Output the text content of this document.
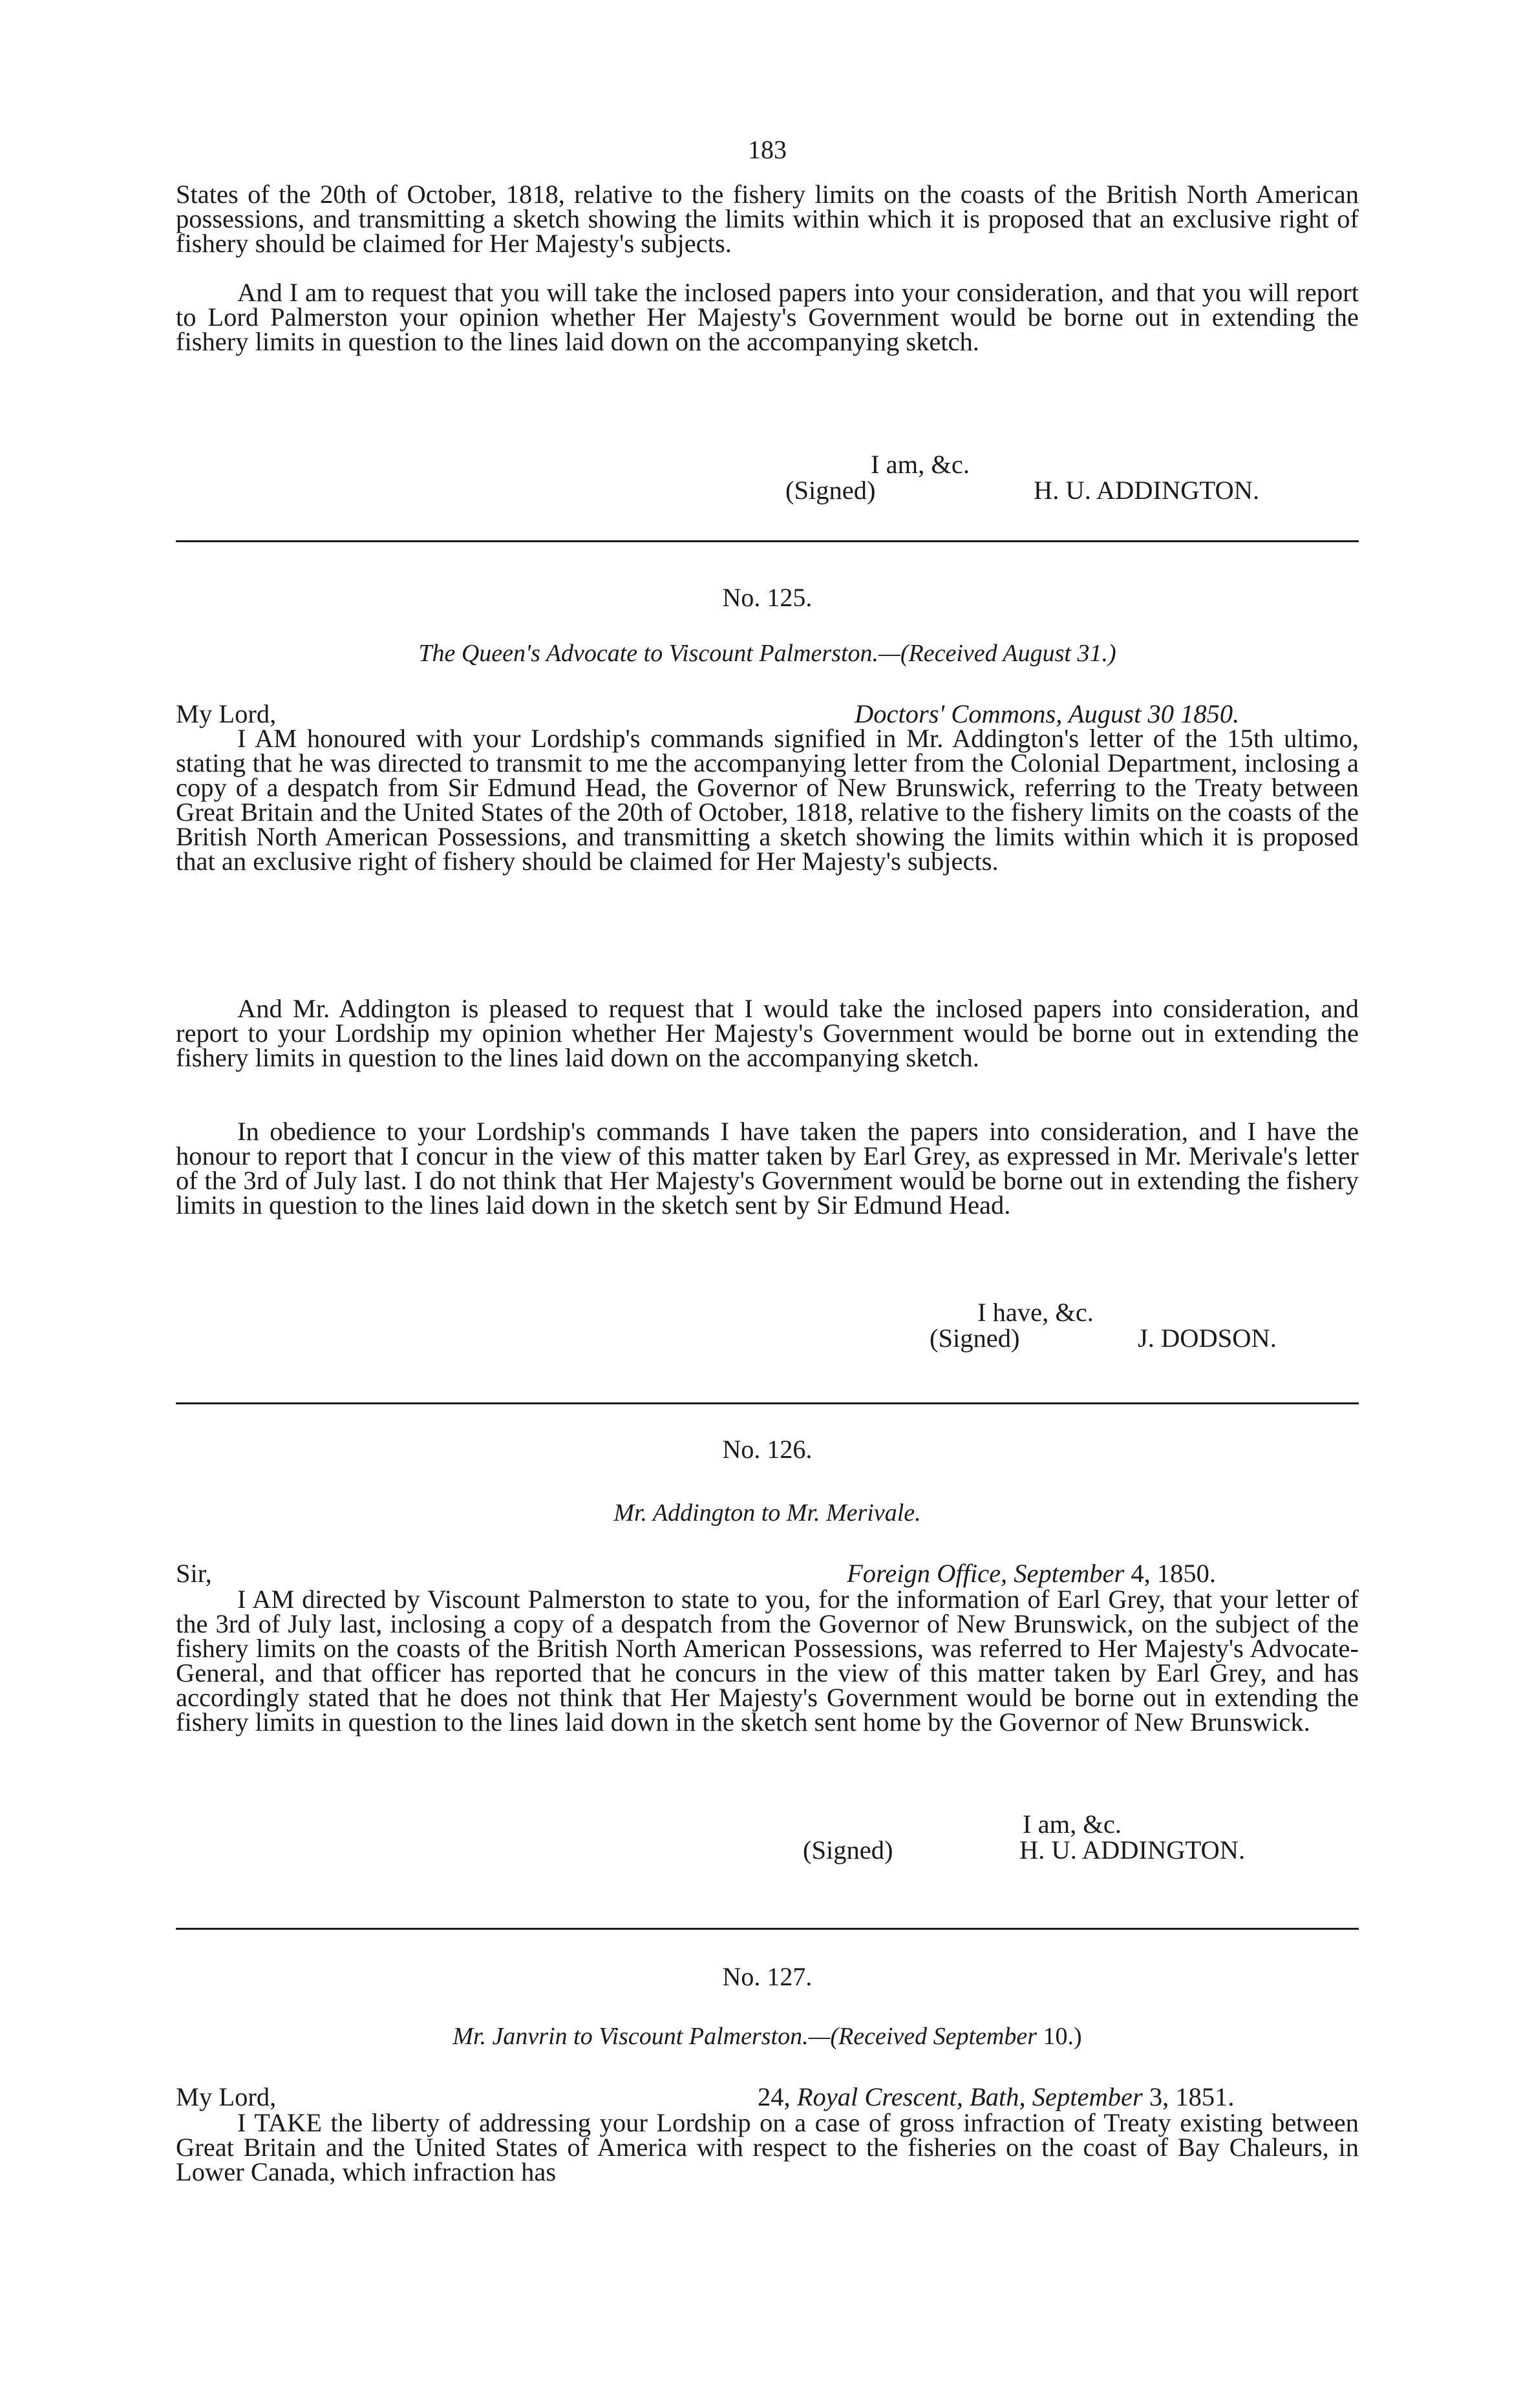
183

States of the 20th of October, 1818, relative to the fishery limits on the coasts of the British North American possessions, and transmitting a sketch showing the limits within which it is proposed that an exclusive right of fishery should be claimed for Her Majesty's subjects.

And I am to request that you will take the inclosed papers into your consideration, and that you will report to Lord Palmerston your opinion whether Her Majesty's Government would be borne out in extending the fishery limits in question to the lines laid down on the accompanying sketch.

I am, &c.
(Signed)	H. U. ADDINGTON.
No. 125.
The Queen's Advocate to Viscount Palmerston.—(Received August 31.)
My Lord,	Doctors' Commons, August 30 1850.

I AM honoured with your Lordship's commands signified in Mr. Addington's letter of the 15th ultimo, stating that he was directed to transmit to me the accompanying letter from the Colonial Department, inclosing a copy of a despatch from Sir Edmund Head, the Governor of New Brunswick, referring to the Treaty between Great Britain and the United States of the 20th of October, 1818, relative to the fishery limits on the coasts of the British North American Possessions, and transmitting a sketch showing the limits within which it is proposed that an exclusive right of fishery should be claimed for Her Majesty's subjects.

And Mr. Addington is pleased to request that I would take the inclosed papers into consideration, and report to your Lordship my opinion whether Her Majesty's Government would be borne out in extending the fishery limits in question to the lines laid down on the accompanying sketch.

In obedience to your Lordship's commands I have taken the papers into consideration, and I have the honour to report that I concur in the view of this matter taken by Earl Grey, as expressed in Mr. Merivale's letter of the 3rd of July last. I do not think that Her Majesty's Government would be borne out in extending the fishery limits in question to the lines laid down in the sketch sent by Sir Edmund Head.

I have, &c.
(Signed)	J. DODSON.
No. 126.
Mr. Addington to Mr. Merivale.
Sir,	Foreign Office, September 4, 1850.

I AM directed by Viscount Palmerston to state to you, for the information of Earl Grey, that your letter of the 3rd of July last, inclosing a copy of a despatch from the Governor of New Brunswick, on the subject of the fishery limits on the coasts of the British North American Possessions, was referred to Her Majesty's Advocate-General, and that officer has reported that he concurs in the view of this matter taken by Earl Grey, and has accordingly stated that he does not think that Her Majesty's Government would be borne out in extending the fishery limits in question to the lines laid down in the sketch sent home by the Governor of New Brunswick.

I am, &c.
(Signed)	H. U. ADDINGTON.
No. 127.
Mr. Janvrin to Viscount Palmerston.—(Received September 10.)
My Lord,	24, Royal Crescent, Bath, September 3, 1851.

I TAKE the liberty of addressing your Lordship on a case of gross infraction of Treaty existing between Great Britain and the United States of America with respect to the fisheries on the coast of Bay Chaleurs, in Lower Canada, which infraction has
